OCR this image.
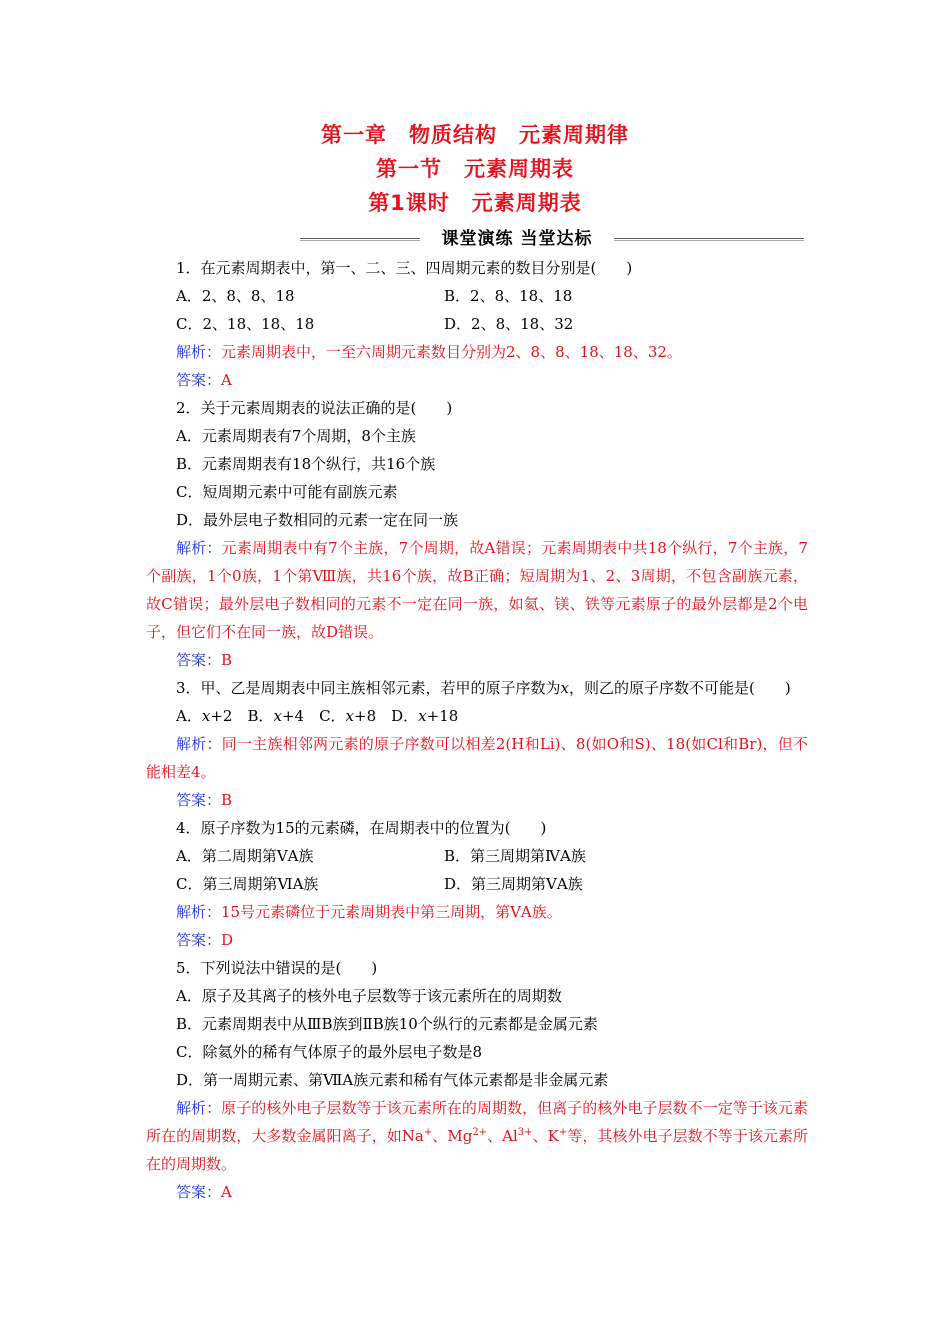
第一章　物质结构　元素周期律
第一节　元素周期表
第1课时　元素周期表
课堂演练 当堂达标
1．在元素周期表中，第一、二、三、四周期元素的数目分别是(　　)
A．2、8、8、18	B．2、8、18、18
C．2、18、18、18	D．2、8、18、32
解析：元素周期表中，一至六周期元素数目分别为2、8、8、18、18、32。
答案：A
2．关于元素周期表的说法正确的是(　　)
A．元素周期表有7个周期，8个主族
B．元素周期表有18个纵行，共16个族
C．短周期元素中可能有副族元素
D．最外层电子数相同的元素一定在同一族
解析：元素周期表中有7个主族，7个周期，故A错误；元素周期表中共18个纵行，7个主族，7个副族，1个0族，1个第Ⅷ族，共16个族，故B正确；短周期为1、2、3周期，不包含副族元素，故C错误；最外层电子数相同的元素不一定在同一族，如氦、镁、铁等元素原子的最外层都是2个电子，但它们不在同一族，故D错误。
答案：B
3．甲、乙是周期表中同主族相邻元素，若甲的原子序数为x，则乙的原子序数不可能是(　　)
A．x+2　B．x+4　C．x+8　D．x+18
解析：同一主族相邻两元素的原子序数可以相差2(H和Li)、8(如O和S)、18(如Cl和Br)，但不能相差4。
答案：B
4．原子序数为15的元素磷，在周期表中的位置为(　　)
A．第二周期第ⅤA族	B．第三周期第ⅣA族
C．第三周期第ⅥA族	D．第三周期第ⅤA族
解析：15号元素磷位于元素周期表中第三周期，第ⅤA族。
答案：D
5．下列说法中错误的是(　　)
A．原子及其离子的核外电子层数等于该元素所在的周期数
B．元素周期表中从ⅢB族到ⅡB族10个纵行的元素都是金属元素
C．除氦外的稀有气体原子的最外层电子数是8
D．第一周期元素、第ⅦA族元素和稀有气体元素都是非金属元素
解析：原子的核外电子层数等于该元素所在的周期数，但离子的核外电子层数不一定等于该元素所在的周期数，大多数金属阳离子，如Na+、$Mg^{2+}$、$Al^{3+}$、K+等，其核外电子层数不等于该元素所在的周期数。
答案：A
